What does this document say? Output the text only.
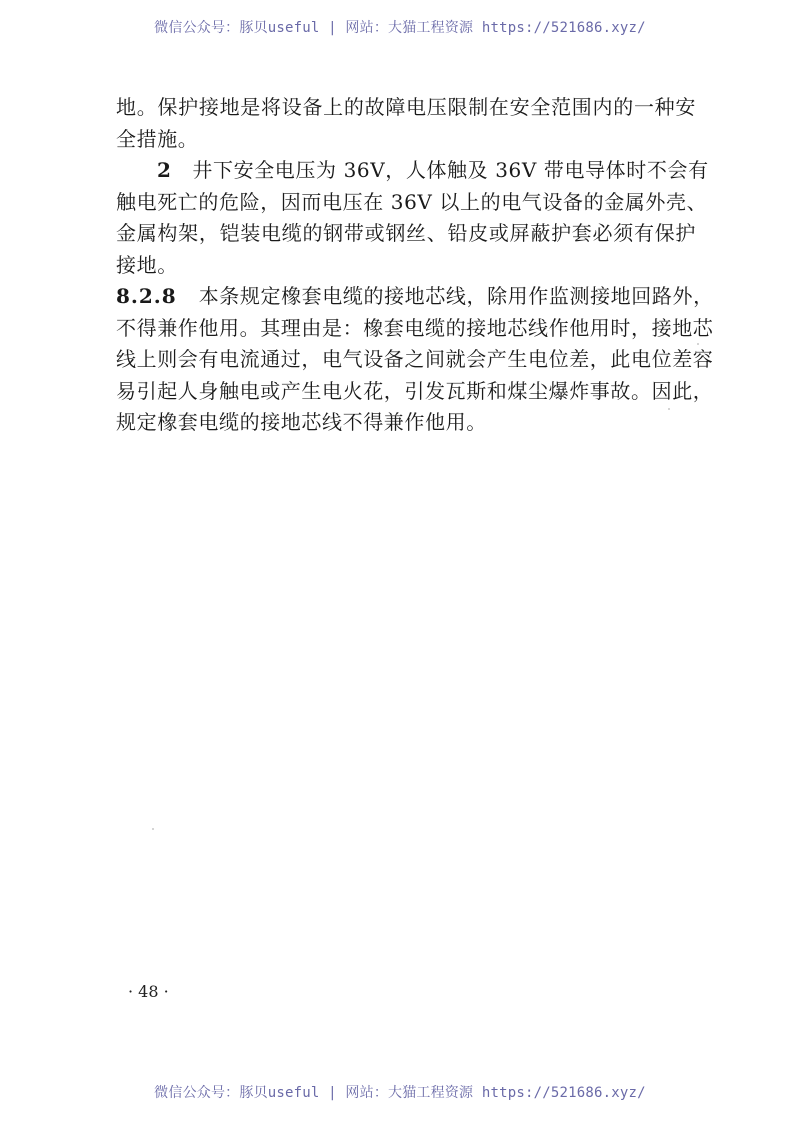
微信公众号：豚贝useful | 网站：大猫工程资源 https://521686.xyz/
地。保护接地是将设备上的故障电压限制在安全范围内的一种安
全措施。
2 井下安全电压为 36V，人体触及 36V 带电导体时不会有
触电死亡的危险，因而电压在 36V 以上的电气设备的金属外壳、
金属构架，铠装电缆的钢带或钢丝、铅皮或屏蔽护套必须有保护
接地。
8.2.8 本条规定橡套电缆的接地芯线，除用作监测接地回路外，
不得兼作他用。其理由是：橡套电缆的接地芯线作他用时，接地芯
线上则会有电流通过，电气设备之间就会产生电位差，此电位差容
易引起人身触电或产生电火花，引发瓦斯和煤尘爆炸事故。因此，
规定橡套电缆的接地芯线不得兼作他用。
· 48 ·
微信公众号：豚贝useful | 网站：大猫工程资源 https://521686.xyz/
